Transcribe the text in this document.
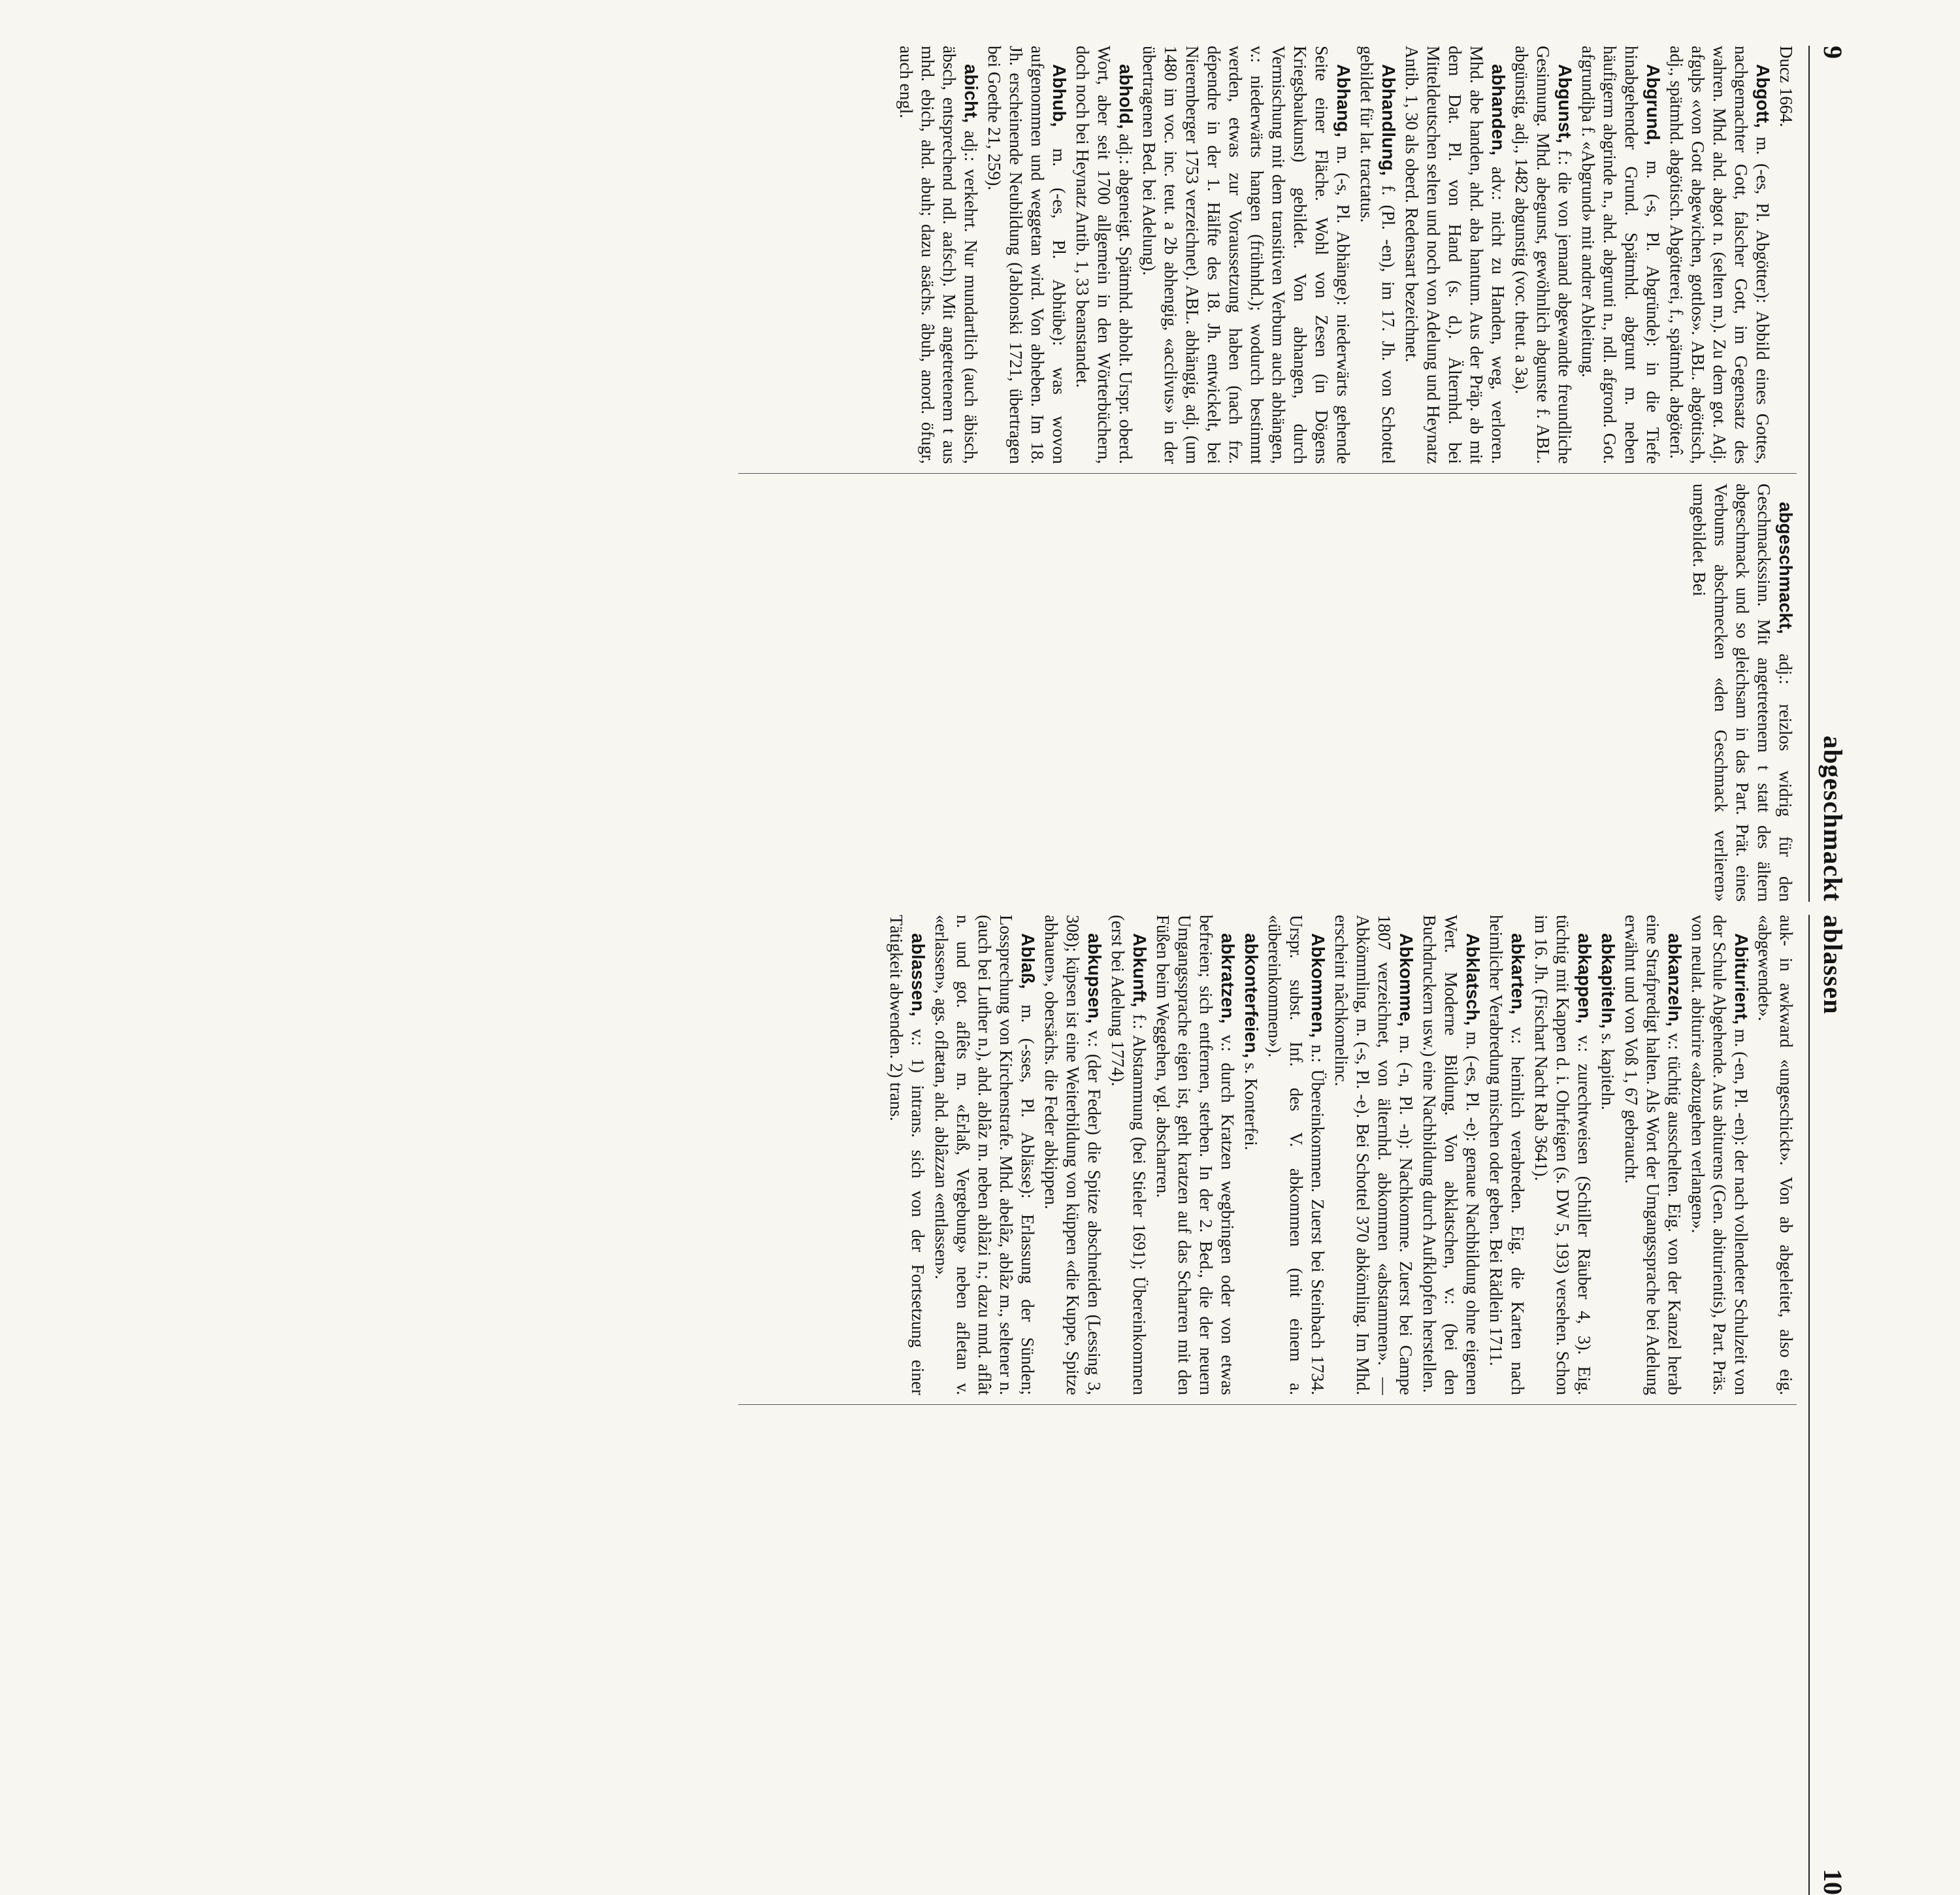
9
abgeschmackt
ablassen
10

Ducz 1664.

Abgott, m. (-es, Pl. Abgötter): Abbild eines Gottes, nachgemachter Gott, falscher Gott, im Gegensatz des wahren. Mhd. ahd. abgot n. (selten m.). Zu dem got. Adj. afguþs «von Gott abgewichen, gottlos». ABL. abgöttisch, adj., spätmhd. abgötisch. Abgötterei, f., spätmhd. abgöterî.

Abgrund, m. (-s, Pl. Abgründe): in die Tiefe hinabgehender Grund. Spätmhd. abgrunt m. neben häufigerm abgrinde n., ahd. abgrunti n., ndl. afgrond. Got. afgrundiþa f. «Abgrund» mit andrer Ableitung.

Abgunst, f.: die von jemand abgewandte freundliche Gesinnung. Mhd. abegunst, gewöhnlich abgunste f. ABL. abgünstig, adj., 1482 abgunstig (voc. theut. a 3a).

abhanden, adv.: nicht zu Handen, weg, verloren. Mhd. abe handen, ahd. aba hantum. Aus der Präp. ab mit dem Dat. Pl. von Hand (s. d.). Älternhd. bei Mitteldeutschen selten und noch von Adelung und Heynatz Antib. 1, 30 als oberd. Redensart bezeichnet.

Abhandlung, f. (Pl. -en), im 17. Jh. von Schottel gebildet für lat. tractatus.

Abhang, m. (-s, Pl. Abhänge): niederwärts gehende Seite einer Fläche. Wohl von Zesen (in Dögens Kriegsbaukunst) gebildet. Von abhangen, durch Vermischung mit dem transitiven Verbum auch abhängen, v.: niederwärts hangen (frühnhd.); wodurch bestimmt werden, etwas zur Voraussetzung haben (nach frz. dépendre in der 1. Hälfte des 18. Jh. entwickelt, bei Nieremberger 1753 verzeichnet). ABL. abhängig, adj. (um 1480 im voc. inc. teut. a 2b abhengig, «acclivus» in der übertragenen Bed. bei Adelung).

abhold, adj.: abgeneigt. Spätmhd. abholt. Urspr. oberd. Wort, aber seit 1700 allgemein in den Wörterbüchern, doch noch bei Heynatz Antib. 1, 33 beanstandet.

Abhub, m. (-es, Pl. Abhübe): was wovon aufgenommen und weggetan wird. Von abheben. Im 18. Jh. erscheinende Neubildung (Jablonski 1721, übertragen bei Goethe 21, 259).

abicht, adj.: verkehrt. Nur mundartlich (auch äbisch, äbsch, entsprechend ndl. aafsch). Mit angetretenem t aus mhd. ebich, ahd. abuh; dazu asächs. âbuh, anord. öfugr, auch engl.

abgeschmackt, adj.: reizlos widrig für den Geschmackssinn. Mit angetretenem t statt des ältern abgeschmack und so gleichsam in das Part. Prät. eines Verbums abschmecken «den Geschmack verlieren» umgebildet. Bei

auk- in awkward «ungeschickt». Von ab abgeleitet, also eig. «abgewendet».

Abiturient, m. (-en, Pl. -en): der nach vollendeter Schulzeit von der Schule Abgehende. Aus abiturens (Gen. abiturientis), Part. Präs. von neulat. abiturire «abzugehen verlangen».

abkanzeln, v.: tüchtig ausschelten. Eig. von der Kanzel herab eine Strafpredigt halten. Als Wort der Umgangssprache bei Adelung erwähnt und von Voß 1, 67 gebraucht.

abkapiteln, s. kapiteln.

abkappen, v.: zurechtweisen (Schiller Räuber 4, 3). Eig. tüchtig mit Kappen d. i. Ohrfeigen (s. DW 5, 193) versehen. Schon im 16. Jh. (Fischart Nacht Rab 3641).

abkarten, v.: heimlich verabreden. Eig. die Karten nach heimlicher Verabredung mischen oder geben. Bei Rädlein 1711.

Abklatsch, m. (-es, Pl. -e): genaue Nachbildung ohne eigenen Wert. Moderne Bildung. Von abklatschen, v.: (bei den Buchdruckern usw.) eine Nachbildung durch Aufklopfen herstellen.

Abkomme, m. (-n, Pl. -n): Nachkomme. Zuerst bei Campe 1807 verzeichnet, von älternhd. abkommen «abstammen». — Abkömmling, m. (-s, Pl. -e). Bei Schottel 370 abkömling. Im Mhd. erscheint nâchkomelinc.

Abkommen, n.: Übereinkommen. Zuerst bei Steinbach 1734. Urspr. subst. Inf. des V. abkommen (mit einem a. «übereinkommen»).

abkonterfeien, s. Konterfei.

abkratzen, v.: durch Kratzen wegbringen oder von etwas befreien; sich entfernen, sterben. In der 2. Bed., die der neuern Umgangssprache eigen ist, geht kratzen auf das Scharren mit den Füßen beim Weggehen, vgl. abscharren.

Abkunft, f.: Abstammung (bei Stieler 1691); Übereinkommen (erst bei Adelung 1774).

abkupsen, v.: (der Feder) die Spitze abschneiden (Lessing 3, 308); küpsen ist eine Weiterbildung von küppen «die Kuppe, Spitze abhauen», obersächs. die Feder abkippen.

Ablaß, m. (-sses, Pl. Ablässe): Erlassung der Sünden; Lossprechung von Kirchenstrafe. Mhd. abelâz, ablâz m., seltener n. (auch bei Luther n.), ahd. ablâz m. neben ablâzi n.; dazu mnd. aflât n. und got. aflêts m. «Erlaß, Vergebung» neben afletan v. «erlassen», ags. oflætan, ahd. ablâzzan «entlassen».

ablassen, v.: 1) intrans. sich von der Fortsetzung einer Tätigkeit abwenden. 2) trans.
